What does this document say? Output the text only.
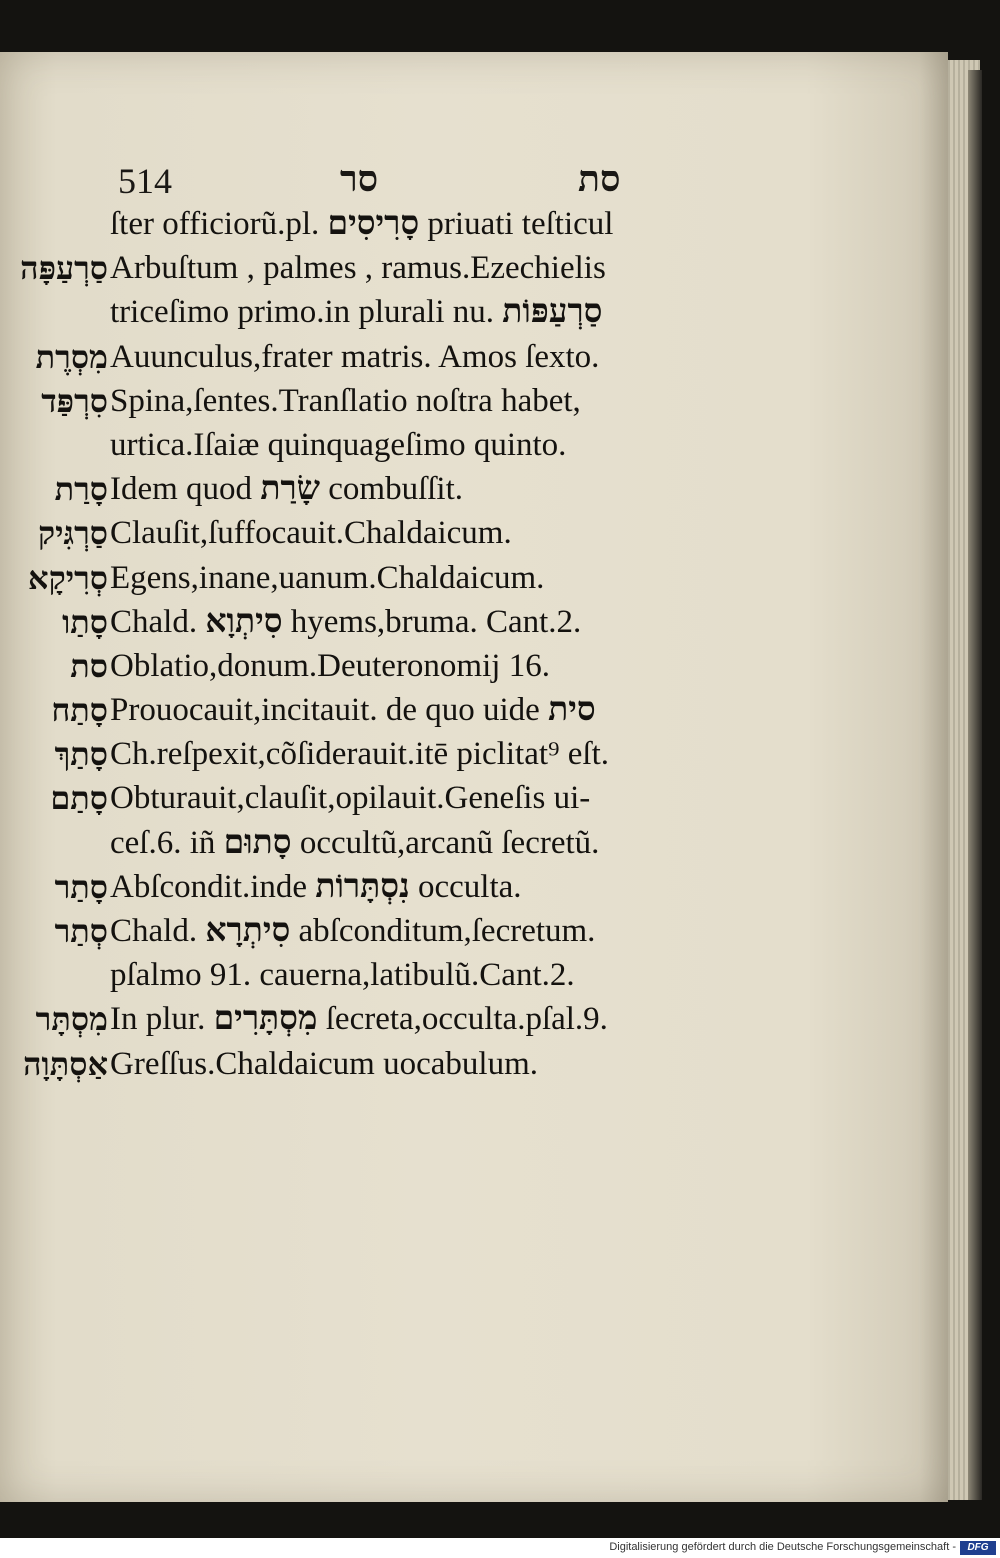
514	סר	סת
ſter officiorũ.pl. סָרִיסִים priuati teſticul
סַרְעַפָּה Arbuſtum , palmes , ramus.Ezechielis
triceſimo primo.in plurali nu. סַרְעַפּוֹת
מִסְרֶת Auunculus,frater matris. Amos ſexto.
סִרְפַּד Spina,ſentes.Tranſlatio noſtra habet,
urtica.Iſaiæ quinquageſimo quinto.
סָרַת Idem quod שָׂרַת combuſſit.
סַרְגִּיק Clauſit,ſuffocauit.Chaldaicum.
סְרִיקָא Egens,inane,uanum.Chaldaicum.
סָתַו Chald. סִיתְוָא hyems,bruma. Cant.2.
סת Oblatio,donum.Deuteronomij 16.
סָתַח Prouocauit,incitauit. de quo uide סית
סָתַךְ Ch.reſpexit,cõſiderauit.itē piclitat⁹ eſt.
סָתַם Obturauit,clauſit,opilauit.Geneſis ui-
ceſ.6. iñ סָתוּם occultũ,arcanũ ſecretũ.
סָתַר Abſcondit.inde נִסְתָּרוֹת occulta.
סְתַר Chald. סִיתְרָא abſconditum,ſecretum.
pſalmo 91. cauerna,latibulũ.Cant.2.
מִסְתָּר In plur. מִסְתָּרִים ſecreta,occulta.pſal.9.
אַסְתָּוָה Greſſus.Chaldaicum uocabulum.
Digitalisierung gefördert durch die Deutsche Forschungsgemeinschaft -	DFG
